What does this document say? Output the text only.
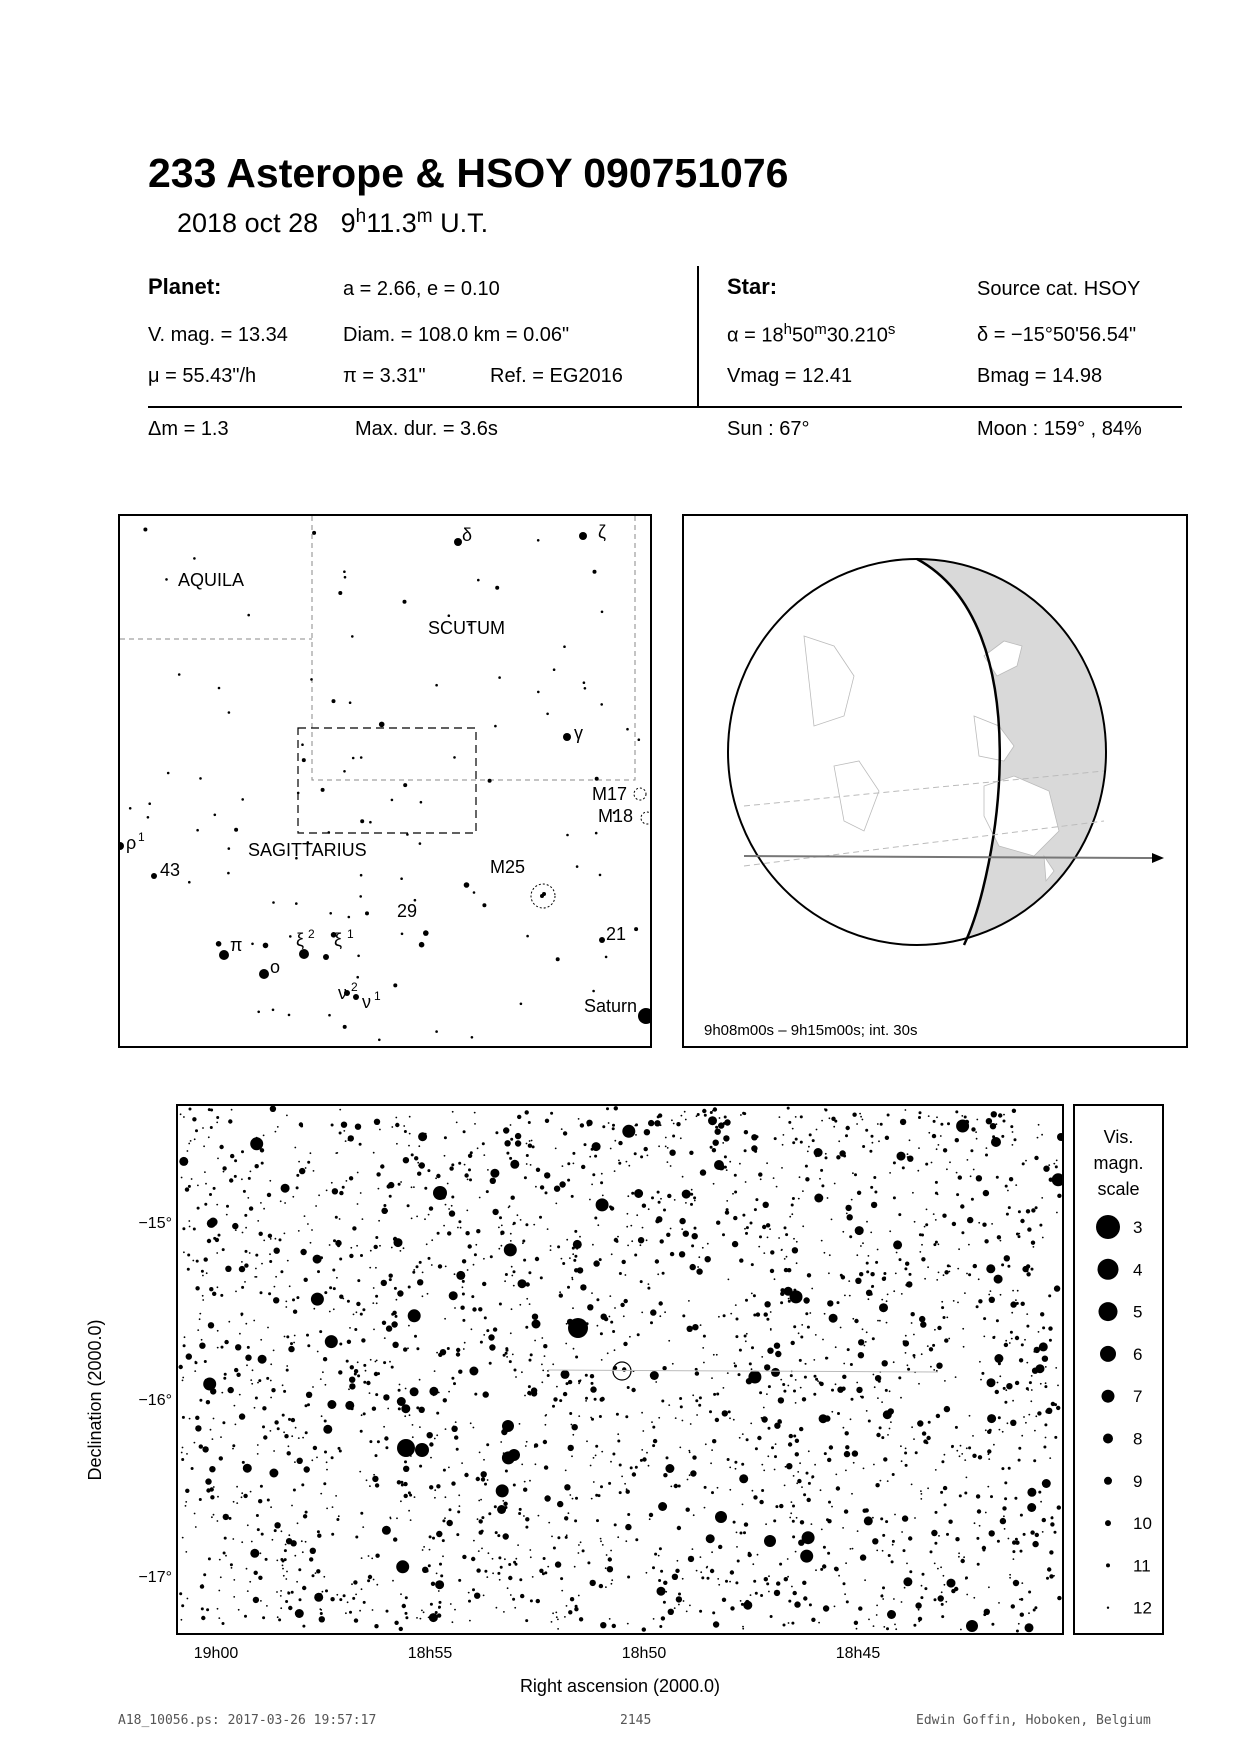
233 Asterope & HSOY 090751076
2018 oct 28 9$^h$11.3$^m$ U.T.
Planet:	a = 2.66, e = 0.10
V. mag. = 13.34	Diam. = 108.0 km = 0.06"
μ = 55.43"/h	π = 3.31"	Ref. = EG2016
Star:	Source cat. HSOY
$\alpha = 18^h50^m30.210^s$	δ = −15°50'56.54"
Vmag = 12.41	Bmag = 14.98
Δm = 1.3	Max. dur. = 3.6s	Sun : 67°	Moon : 159° , 84%
AQUILA
SCUTUM
SAGITTARIUS
δ	ζ
γ
M17
M18
ρ 1
43	M25
29
21
π
ο
ξ 2 ξ 1
ν 2
ν 1	Saturn
9h08m00s – 9h15m00s; int. 30s
Declination (2000.0)
−15°
−16°
−17°
19h00	18h55	18h50	18h45
Right ascension (2000.0)
Vis.
magn.
scale
3
4
5
6
7
8
9
10
11
12
A18_10056.ps: 2017-03-26 19:57:17	2145	Edwin Goffin, Hoboken, Belgium
